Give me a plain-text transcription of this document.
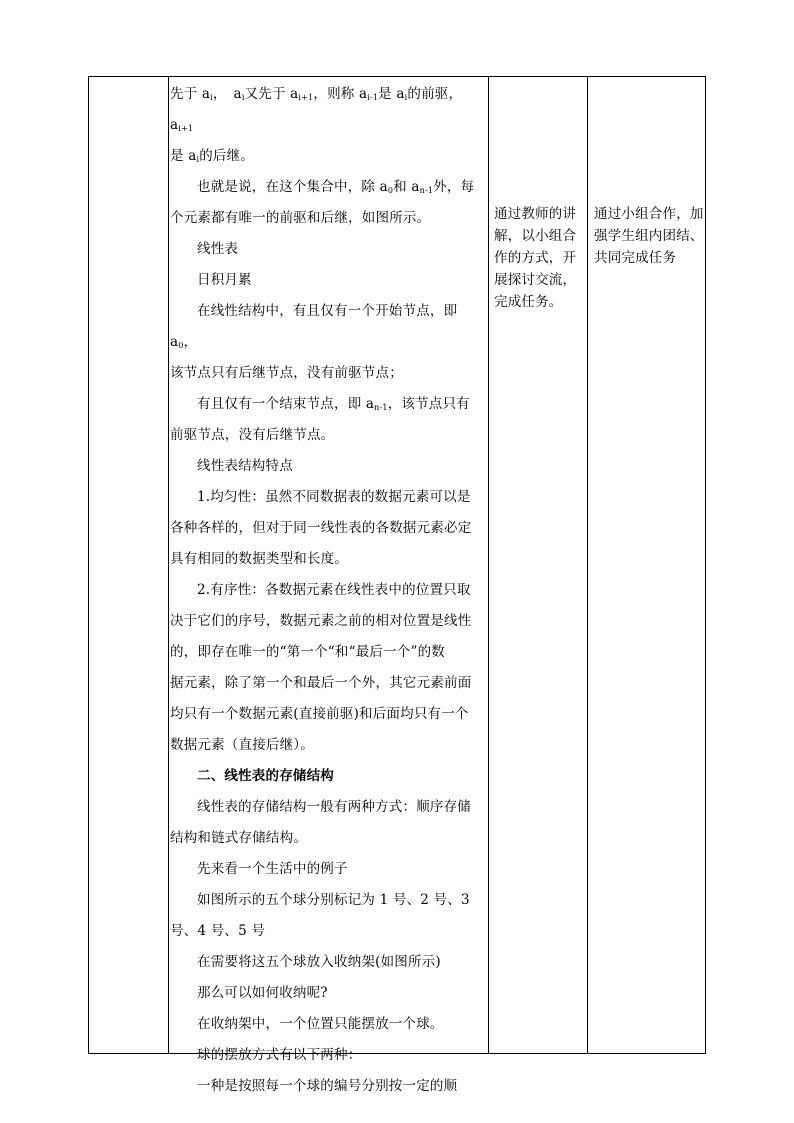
先于 $a_i$，　$a_i$又先于 $a_{i+1}$，则称 $a_{i-1}$是 $a_i$的前驱，　$a_{i+1}$

是 $a_i$的后继。

也就是说，在这个集合中，除 $a_0$和 $a_{n-1}$外，每

个元素都有唯一的前驱和后继，如图所示。

线性表

日积月累

在线性结构中，有且仅有一个开始节点，即 $a_0$，

该节点只有后继节点，没有前驱节点；

有且仅有一个结束节点，即 $a_{n-1}$，该节点只有

前驱节点，没有后继节点。

线性表结构特点

1.均匀性：虽然不同数据表的数据元素可以是

各种各样的，但对于同一线性表的各数据元素必定

具有相同的数据类型和长度。

2.有序性：各数据元素在线性表中的位置只取

决于它们的序号，数据元素之前的相对位置是线性

的，即存在唯一的“第一个“和“最后一个”的数

据元素，除了第一个和最后一个外，其它元素前面

均只有一个数据元素(直接前驱)和后面均只有一个

数据元素（直接后继）。

二、线性表的存储结构

线性表的存储结构一般有两种方式：顺序存储

结构和链式存储结构。

先来看一个生活中的例子

如图所示的五个球分别标记为 1 号、2 号、3

号、4 号、5 号

在需要将这五个球放入收纳架(如图所示)

那么可以如何收纳呢?

在收纳架中，一个位置只能摆放一个球。

球的摆放方式有以下两种：

一种是按照每一个球的编号分别按一定的顺

通过教师的讲解，以小组合作的方式，开展探讨交流，完成任务。
通过小组合作，加强学生组内团结、共同完成任务
